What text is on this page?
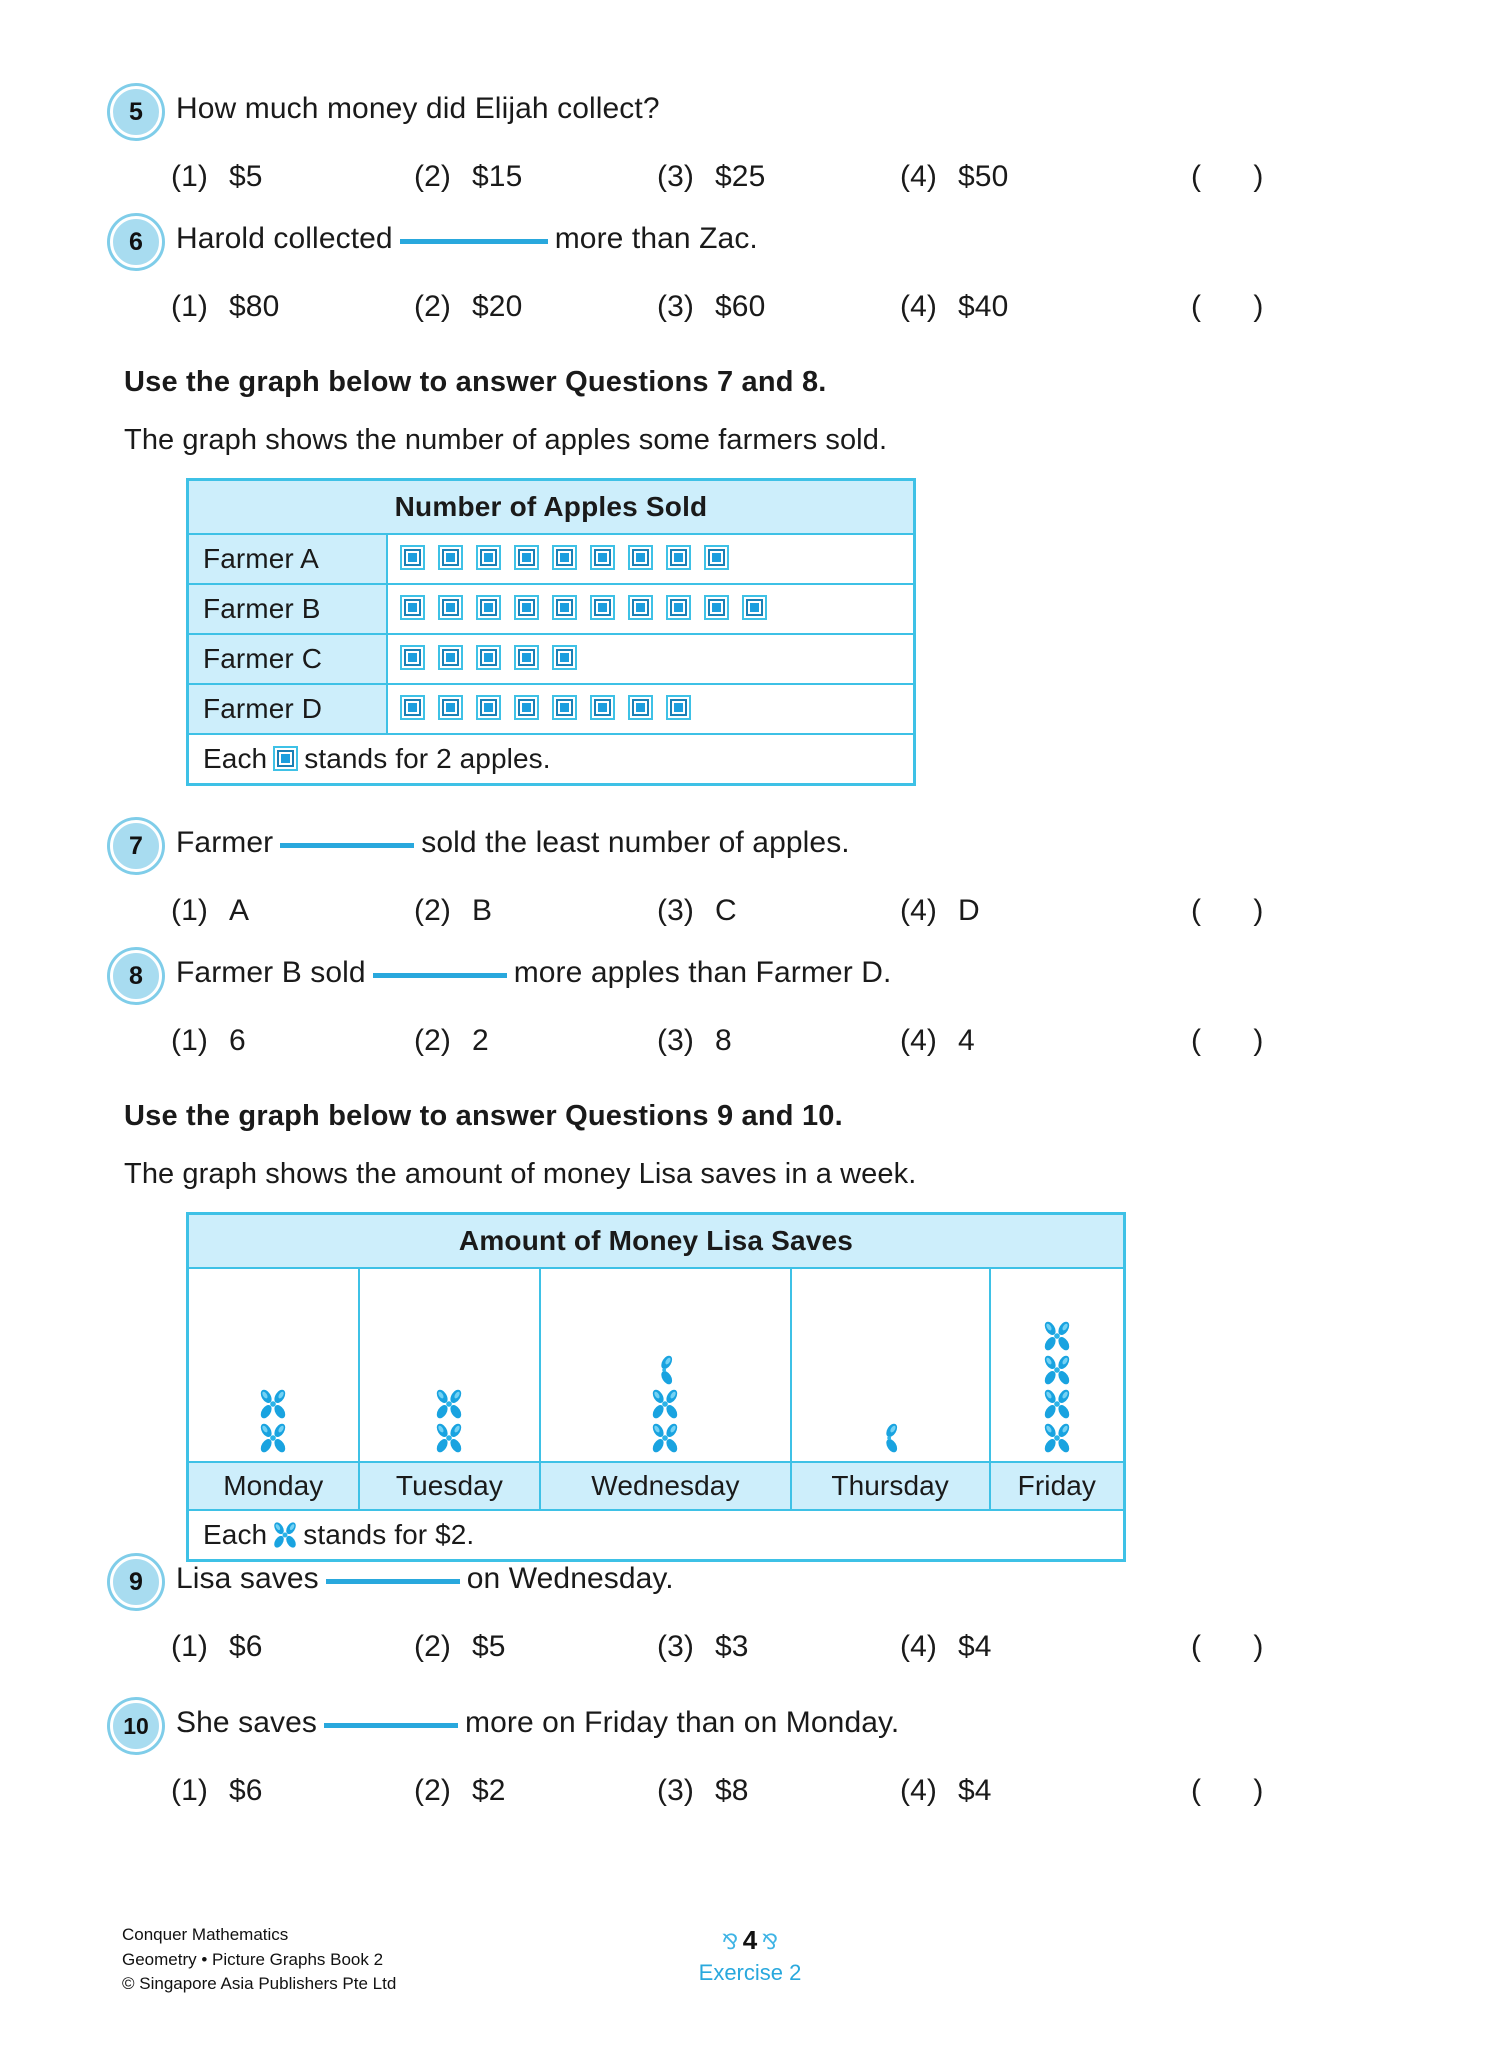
5	How much money did Elijah collect?
(1) $5	(2) $15	(3) $25	(4) $50	( )
6	Harold collected	more than Zac.
(1) $80	(2) $20	(3) $60	(4) $40	( )
Use the graph below to answer Questions 7 and 8.
The graph shows the number of apples some farmers sold.
Number of Apples Sold	
Farmer A	
Farmer B	
Farmer C	
Farmer D	
Each stands for 2 apples.	
7	Farmer	sold the least number of apples.
(1) A	(2) B	(3) C	(4) D	( )
8	Farmer B sold	more apples than Farmer D.
(1) 6	(2) 2	(3) 8	(4) 4	( )
Use the graph below to answer Questions 9 and 10.
The graph shows the amount of money Lisa saves in a week.
Amount of Money Lisa Saves				

Monday	Tuesday	Wednesday	Thursday	Friday
Each stands for $2.				
9	Lisa saves	on Wednesday.
(1) $6	(2) $5	(3) $3	(4) $4	( )
10 She saves	more on Friday than on Monday.
(1) $6	(2) $2	(3) $8	(4) $4	( )
Conquer Mathematics
Geometry • Picture Graphs Book 2
© Singapore Asia Publishers Pte Ltd
⅋ 4 ⅋
Exercise 2
